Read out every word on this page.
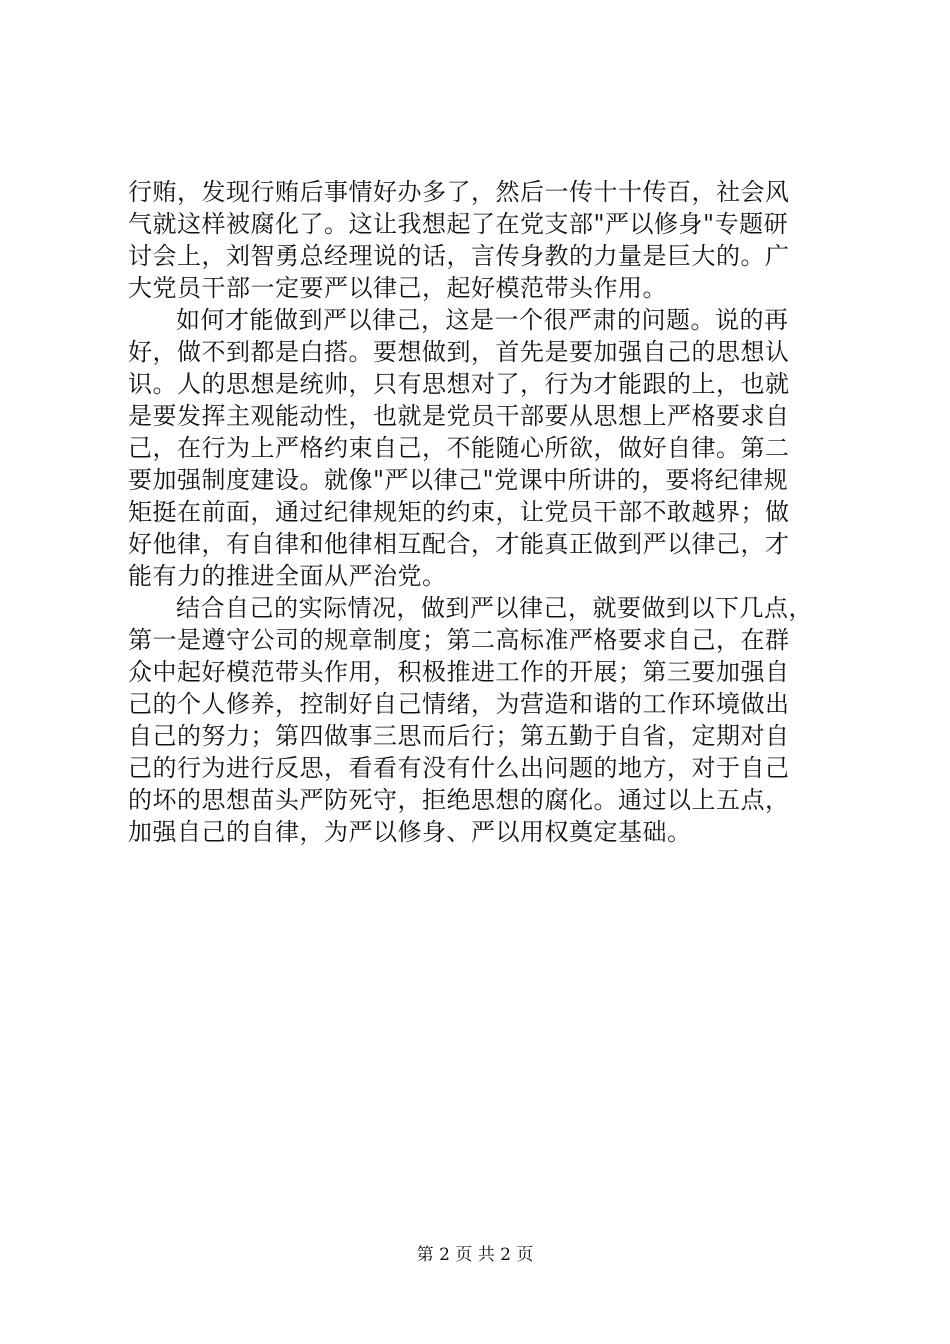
行贿，发现行贿后事情好办多了，然后一传十十传百，社会风
气就这样被腐化了。这让我想起了在党支部"严以修身"专题研
讨会上，刘智勇总经理说的话，言传身教的力量是巨大的。广
大党员干部一定要严以律己，起好模范带头作用。
如何才能做到严以律己，这是一个很严肃的问题。说的再
好，做不到都是白搭。要想做到，首先是要加强自己的思想认
识。人的思想是统帅，只有思想对了，行为才能跟的上，也就
是要发挥主观能动性，也就是党员干部要从思想上严格要求自
己，在行为上严格约束自己，不能随心所欲，做好自律。第二
要加强制度建设。就像"严以律己"党课中所讲的，要将纪律规
矩挺在前面，通过纪律规矩的约束，让党员干部不敢越界；做
好他律，有自律和他律相互配合，才能真正做到严以律己，才
能有力的推进全面从严治党。
结合自己的实际情况，做到严以律己，就要做到以下几点，
第一是遵守公司的规章制度；第二高标准严格要求自己，在群
众中起好模范带头作用，积极推进工作的开展；第三要加强自
己的个人修养，控制好自己情绪，为营造和谐的工作环境做出
自己的努力；第四做事三思而后行；第五勤于自省，定期对自
己的行为进行反思，看看有没有什么出问题的地方，对于自己
的坏的思想苗头严防死守，拒绝思想的腐化。通过以上五点，
加强自己的自律，为严以修身、严以用权奠定基础。
第 2 页 共 2 页
